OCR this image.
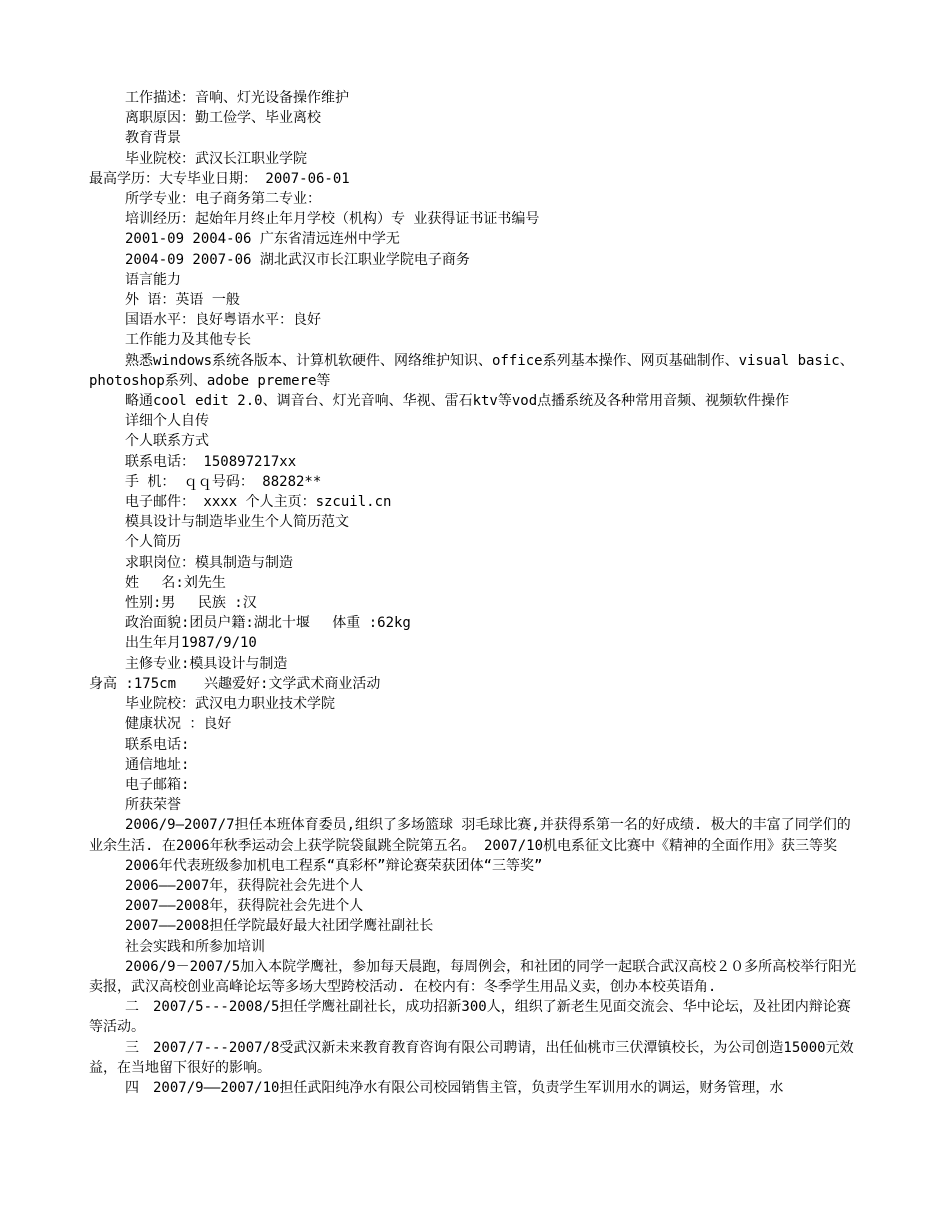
工作描述：音响、灯光设备操作维护

离职原因：勤工俭学、毕业离校

教育背景

毕业院校：武汉长江职业学院

最高学历：大专毕业日期： 2007-06-01

所学专业：电子商务第二专业：

培训经历：起始年月终止年月学校（机构）专 业获得证书证书编号

2001-09 2004-06 广东省清远连州中学无

2004-09 2007-06 湖北武汉市长江职业学院电子商务

语言能力

外 语：英语 一般

国语水平：良好粤语水平：良好

工作能力及其他专长

熟悉windows系统各版本、计算机软硬件、网络维护知识、office系列基本操作、网页基础制作、visual basic、photoshop系列、adobe premere等

略通cool edit 2.0、调音台、灯光音响、华视、雷石ktv等vod点播系统及各种常用音频、视频软件操作

详细个人自传

个人联系方式

联系电话： 150897217xx

手 机： ｑｑ号码： 88282**

电子邮件： xxxx 个人主页：szcuil.cn

模具设计与制造毕业生个人简历范文

个人简历

求职岗位：模具制造与制造

姓　 名:刘先生

性别:男　 民族 :汉

政治面貌:团员户籍:湖北十堰　 体重 :62kg

出生年月1987/9/10

主修专业:模具设计与制造

身高 :175cm　　兴趣爱好:文学武术商业活动

毕业院校：武汉电力职业技术学院

健康状况 ：良好

联系电话:

通信地址:

电子邮箱:

所获荣誉

2006/9—2007/7担任本班体育委员,组织了多场篮球 羽毛球比赛,并获得系第一名的好成绩. 极大的丰富了同学们的业余生活. 在2006年秋季运动会上获学院袋鼠跳全院第五名。 2007/10机电系征文比赛中《精神的全面作用》获三等奖

2006年代表班级参加机电工程系“真彩杯”辩论赛荣获团体“三等奖”

2006——2007年，获得院社会先进个人

2007——2008年，获得院社会先进个人

2007——2008担任学院最好最大社团学鹰社副社长

社会实践和所参加培训

2006/9－2007/5加入本院学鹰社，参加每天晨跑，每周例会，和社团的同学一起联合武汉高校２０多所高校举行阳光卖报，武汉高校创业高峰论坛等多场大型跨校活动. 在校内有：冬季学生用品义卖，创办本校英语角.

二　2007/5---2008/5担任学鹰社副社长，成功招新300人，组织了新老生见面交流会、华中论坛，及社团内辩论赛等活动。

三　2007/7---2007/8受武汉新未来教育教育咨询有限公司聘请，出任仙桃市三伏潭镇校长，为公司创造15000元效益，在当地留下很好的影响。

四　2007/9——2007/10担任武阳纯净水有限公司校园销售主管，负责学生军训用水的调运，财务管理，水
